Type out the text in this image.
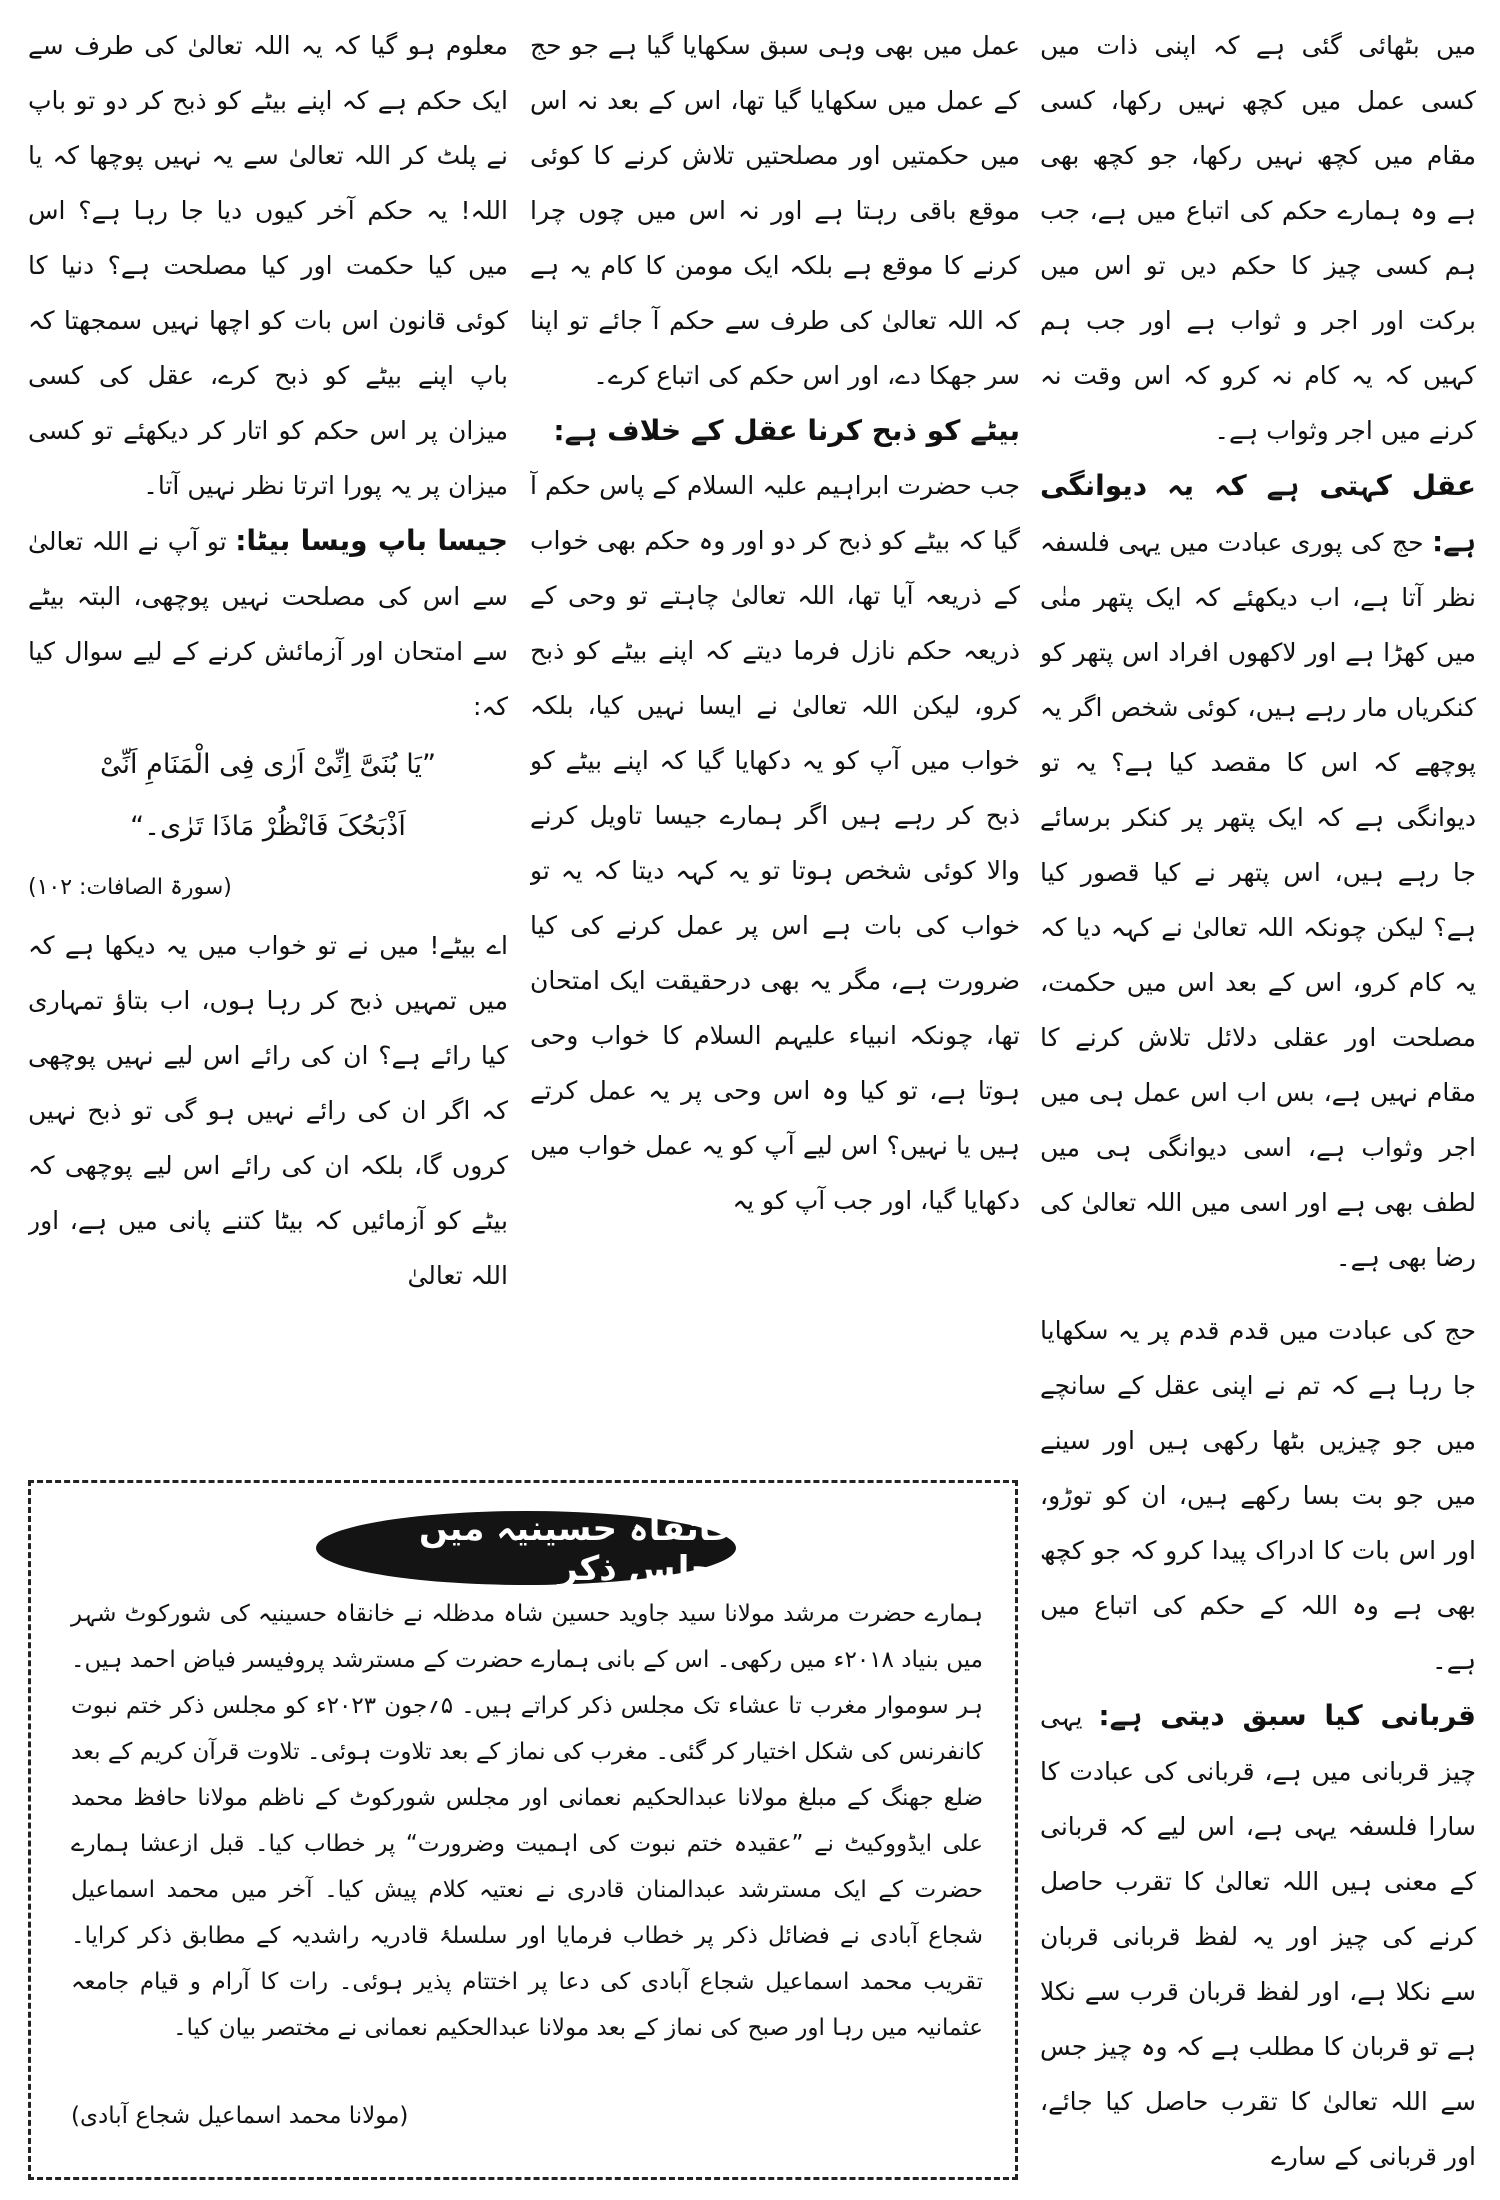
میں بٹھائی گئی ہے کہ اپنی ذات میں کسی عمل میں کچھ نہیں رکھا، کسی مقام میں کچھ نہیں رکھا، جو کچھ بھی ہے وہ ہمارے حکم کی اتباع میں ہے، جب ہم کسی چیز کا حکم دیں تو اس میں برکت اور اجر و ثواب ہے اور جب ہم کہیں کہ یہ کام نہ کرو کہ اس وقت نہ کرنے میں اجر وثواب ہے۔

عقل کہتی ہے کہ یہ دیوانگی ہے: حج کی پوری عبادت میں یہی فلسفہ نظر آتا ہے، اب دیکھئے کہ ایک پتھر منٰی میں کھڑا ہے اور لاکھوں افراد اس پتھر کو کنکریاں مار رہے ہیں، کوئی شخص اگر یہ پوچھے کہ اس کا مقصد کیا ہے؟ یہ تو دیوانگی ہے کہ ایک پتھر پر کنکر برسائے جا رہے ہیں، اس پتھر نے کیا قصور کیا ہے؟ لیکن چونکہ اللہ تعالیٰ نے کہہ دیا کہ یہ کام کرو، اس کے بعد اس میں حکمت، مصلحت اور عقلی دلائل تلاش کرنے کا مقام نہیں ہے، بس اب اس عمل ہی میں اجر وثواب ہے، اسی دیوانگی ہی میں لطف بھی ہے اور اسی میں اللہ تعالیٰ کی رضا بھی ہے۔

حج کی عبادت میں قدم قدم پر یہ سکھایا جا رہا ہے کہ تم نے اپنی عقل کے سانچے میں جو چیزیں بٹھا رکھی ہیں اور سینے میں جو بت بسا رکھے ہیں، ان کو توڑو، اور اس بات کا ادراک پیدا کرو کہ جو کچھ بھی ہے وہ اللہ کے حکم کی اتباع میں ہے۔

قربانی کیا سبق دیتی ہے: یہی چیز قربانی میں ہے، قربانی کی عبادت کا سارا فلسفہ یہی ہے، اس لیے کہ قربانی کے معنی ہیں اللہ تعالیٰ کا تقرب حاصل کرنے کی چیز اور یہ لفظ قربانی قربان سے نکلا ہے، اور لفظ قربان قرب سے نکلا ہے تو قربان کا مطلب ہے کہ وہ چیز جس سے اللہ تعالیٰ کا تقرب حاصل کیا جائے، اور قربانی کے سارے

عمل میں بھی وہی سبق سکھایا گیا ہے جو حج کے عمل میں سکھایا گیا تھا، اس کے بعد نہ اس میں حکمتیں اور مصلحتیں تلاش کرنے کا کوئی موقع باقی رہتا ہے اور نہ اس میں چوں چرا کرنے کا موقع ہے بلکہ ایک مومن کا کام یہ ہے کہ اللہ تعالیٰ کی طرف سے حکم آ جائے تو اپنا سر جھکا دے، اور اس حکم کی اتباع کرے۔

بیٹے کو ذبح کرنا عقل کے خلاف ہے:

جب حضرت ابراہیم علیہ السلام کے پاس حکم آ گیا کہ بیٹے کو ذبح کر دو اور وہ حکم بھی خواب کے ذریعہ آیا تھا، اللہ تعالیٰ چاہتے تو وحی کے ذریعہ حکم نازل فرما دیتے کہ اپنے بیٹے کو ذبح کرو، لیکن اللہ تعالیٰ نے ایسا نہیں کیا، بلکہ خواب میں آپ کو یہ دکھایا گیا کہ اپنے بیٹے کو ذبح کر رہے ہیں اگر ہمارے جیسا تاویل کرنے والا کوئی شخص ہوتا تو یہ کہہ دیتا کہ یہ تو خواب کی بات ہے اس پر عمل کرنے کی کیا ضرورت ہے، مگر یہ بھی درحقیقت ایک امتحان تھا، چونکہ انبیاء علیہم السلام کا خواب وحی ہوتا ہے، تو کیا وہ اس وحی پر یہ عمل کرتے ہیں یا نہیں؟ اس لیے آپ کو یہ عمل خواب میں دکھایا گیا، اور جب آپ کو یہ

معلوم ہو گیا کہ یہ اللہ تعالیٰ کی طرف سے ایک حکم ہے کہ اپنے بیٹے کو ذبح کر دو تو باپ نے پلٹ کر اللہ تعالیٰ سے یہ نہیں پوچھا کہ یا اللہ! یہ حکم آخر کیوں دیا جا رہا ہے؟ اس میں کیا حکمت اور کیا مصلحت ہے؟ دنیا کا کوئی قانون اس بات کو اچھا نہیں سمجھتا کہ باپ اپنے بیٹے کو ذبح کرے، عقل کی کسی میزان پر اس حکم کو اتار کر دیکھئے تو کسی میزان پر یہ پورا اترتا نظر نہیں آتا۔

جیسا باپ ویسا بیٹا: تو آپ نے اللہ تعالیٰ سے اس کی مصلحت نہیں پوچھی، البتہ بیٹے سے امتحان اور آزمائش کرنے کے لیے سوال کیا کہ:

”یَا بُنَیَّ اِنِّیْ اَرٰی فِی الْمَنَامِ اَنِّیْ

اَذْبَحُکَ فَانْظُرْ مَاذَا تَرٰی۔“

(سورۃ الصافات: ۱۰۲)

اے بیٹے! میں نے تو خواب میں یہ دیکھا ہے کہ میں تمہیں ذبح کر رہا ہوں، اب بتاؤ تمہاری کیا رائے ہے؟ ان کی رائے اس لیے نہیں پوچھی کہ اگر ان کی رائے نہیں ہو گی تو ذبح نہیں کروں گا، بلکہ ان کی رائے اس لیے پوچھی کہ بیٹے کو آزمائیں کہ بیٹا کتنے پانی میں ہے، اور اللہ تعالیٰ

خانقاہ حسینیہ میں مجلس ذکر
ہمارے حضرت مرشد مولانا سید جاوید حسین شاہ مدظلہ نے خانقاہ حسینیہ کی شورکوٹ شہر میں بنیاد ۲۰۱۸ء میں رکھی۔ اس کے بانی ہمارے حضرت کے مسترشد پروفیسر فیاض احمد ہیں۔ ہر سوموار مغرب تا عشاء تک مجلس ذکر کراتے ہیں۔ ۵؍جون ۲۰۲۳ء کو مجلس ذکر ختم نبوت کانفرنس کی شکل اختیار کر گئی۔ مغرب کی نماز کے بعد تلاوت ہوئی۔ تلاوت قرآن کریم کے بعد ضلع جھنگ کے مبلغ مولانا عبدالحکیم نعمانی اور مجلس شورکوٹ کے ناظم مولانا حافظ محمد علی ایڈووکیٹ نے ”عقیدہ ختم نبوت کی اہمیت وضرورت“ پر خطاب کیا۔ قبل ازعشا ہمارے حضرت کے ایک مسترشد عبدالمنان قادری نے نعتیہ کلام پیش کیا۔ آخر میں محمد اسماعیل شجاع آبادی نے فضائل ذکر پر خطاب فرمایا اور سلسلۂ قادریہ راشدیہ کے مطابق ذکر کرایا۔ تقریب محمد اسماعیل شجاع آبادی کی دعا پر اختتام پذیر ہوئی۔ رات کا آرام و قیام جامعہ عثمانیہ میں رہا اور صبح کی نماز کے بعد مولانا عبدالحکیم نعمانی نے مختصر بیان کیا۔
(مولانا محمد اسماعیل شجاع آبادی)
